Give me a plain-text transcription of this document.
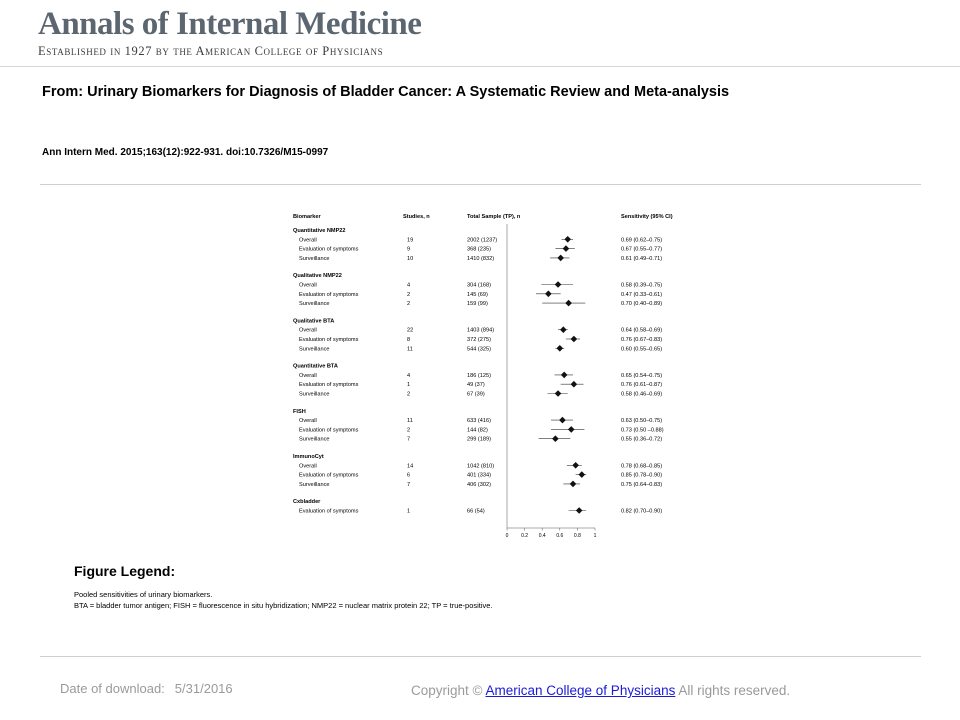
Annals of Internal Medicine
Established in 1927 by the American College of Physicians
From: Urinary Biomarkers for Diagnosis of Bladder Cancer: A Systematic Review and Meta-analysis
Ann Intern Med. 2015;163(12):922-931. doi:10.7326/M15-0997
Biomarker	Studies, n	Total Sample (TP), n	Sensitivity (95% CI)
Quantitative NMP22
Overall	19	2002 (1237)	0.69 (0.62–0.75)
Evaluation of symptoms	9	368 (235)	0.67 (0.55–0.77)
Surveillance	10	1410 (832)	0.61 (0.49–0.71)
Qualitative NMP22
Overall	4	304 (168)	0.58 (0.39–0.75)
Evaluation of symptoms	2	145 (69)	0.47 (0.33–0.61)
Surveillance	2	159 (99)	0.70 (0.40–0.89)
Qualitative BTA
Overall	22	1403 (894)	0.64 (0.58–0.69)
Evaluation of symptoms	8	372 (275)	0.76 (0.67–0.83)
Surveillance	11	544 (325)	0.60 (0.55–0.65)
Quantitative BTA
Overall	4	186 (125)	0.65 (0.54–0.75)
Evaluation of symptoms	1	49 (37)	0.76 (0.61–0.87)
Surveillance	2	67 (39)	0.58 (0.46–0.69)
FISH
Overall	11	633 (416)	0.63 (0.50–0.75)
Evaluation of symptoms	2	144 (82)	0.73 (0.50 –0.88)
Surveillance	7	299 (189)	0.55 (0.36–0.72)
ImmunoCyt
Overall	14	1042 (810)	0.78 (0.68–0.85)
Evaluation of symptoms	6	401 (334)	0.85 (0.78–0.90)
Surveillance	7	406 (302)	0.75 (0.64–0.83)
Cxbladder
Evaluation of symptoms	1	66 (54)	0.82 (0.70–0.90)
0	0.2 0.4 0.6 0.8	1
Figure Legend:
Pooled sensitivities of urinary biomarkers.
BTA = bladder tumor antigen; FISH = fluorescence in situ hybridization; NMP22 = nuclear matrix protein 22; TP = true-positive.
Date of download: 5/31/2016	Copyright © American College of Physicians All rights reserved.
